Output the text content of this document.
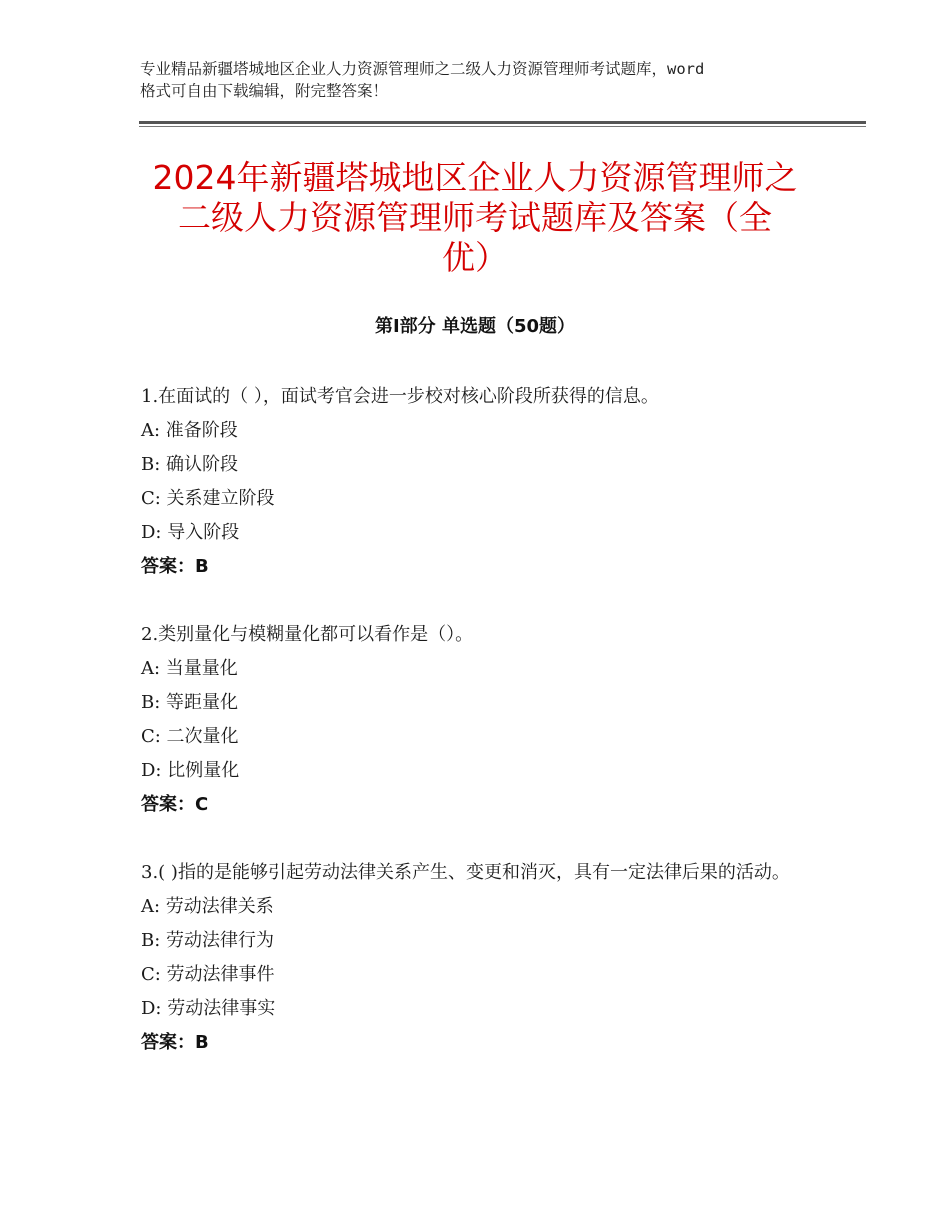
专业精品新疆塔城地区企业人力资源管理师之二级人力资源管理师考试题库，word
格式可自由下载编辑，附完整答案！
2024年新疆塔城地区企业人力资源管理师之
二级人力资源管理师考试题库及答案（全
优）
第Ⅰ部分 单选题（50题）

1.在面试的（ ），面试考官会进一步校对核心阶段所获得的信息。

A: 准备阶段
B: 确认阶段
C: 关系建立阶段
D: 导入阶段
答案：B

2.类别量化与模糊量化都可以看作是（）。

A: 当量量化
B: 等距量化
C: 二次量化
D: 比例量化
答案：C

3.( )指的是能够引起劳动法律关系产生、变更和消灭，具有一定法律后果的活动。

A: 劳动法律关系
B: 劳动法律行为
C: 劳动法律事件
D: 劳动法律事实
答案：B
